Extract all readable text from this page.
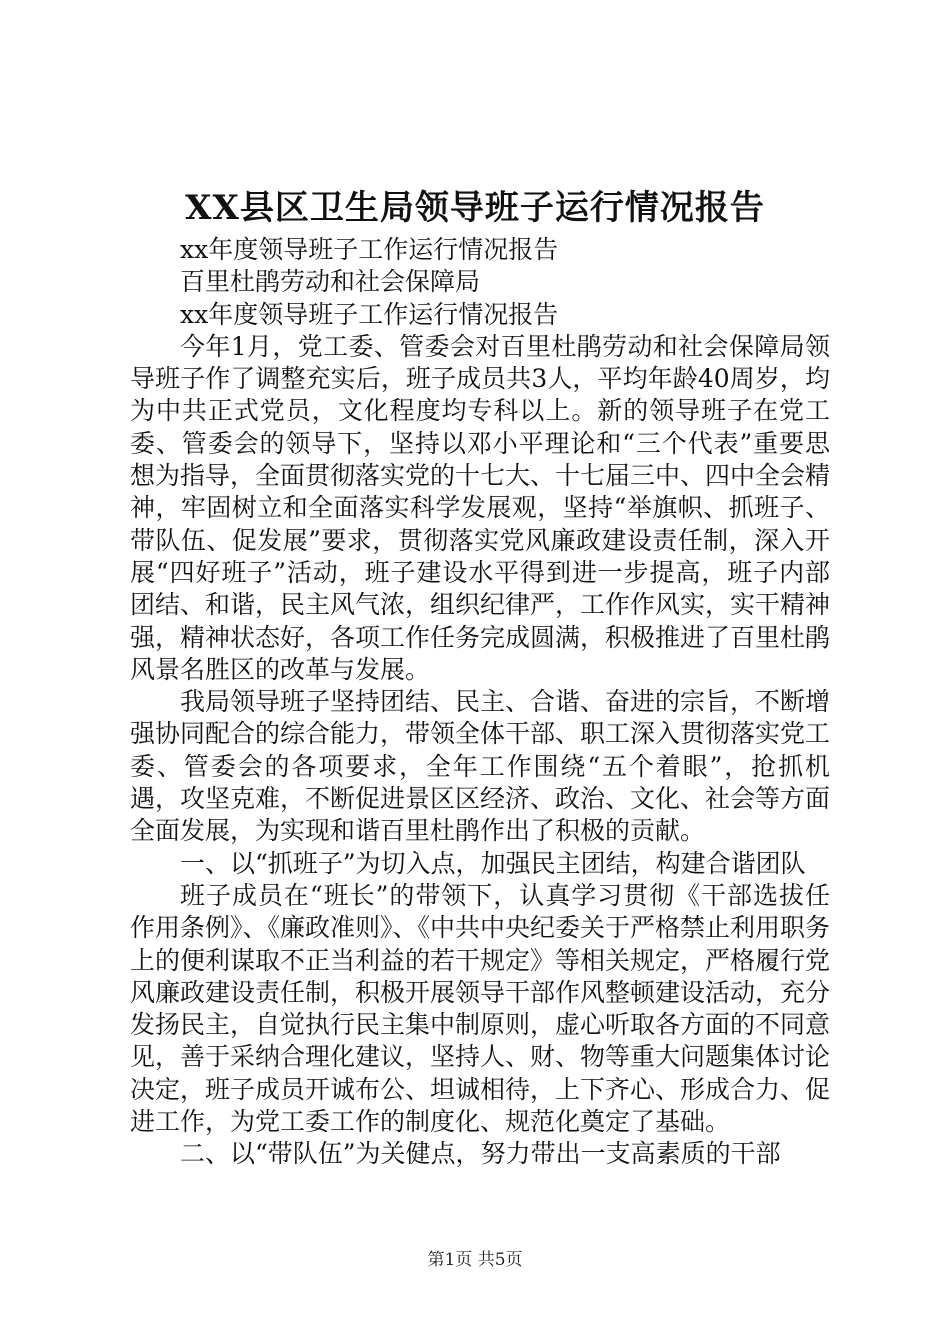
XX县区卫生局领导班子运行情况报告

xx年度领导班子工作运行情况报告

百里杜鹃劳动和社会保障局

xx年度领导班子工作运行情况报告

今年1月，党工委、管委会对百里杜鹃劳动和社会保障局领导班子作了调整充实后，班子成员共3人，平均年龄40周岁，均为中共正式党员，文化程度均专科以上。新的领导班子在党工委、管委会的领导下，坚持以邓小平理论和“三个代表”重要思想为指导，全面贯彻落实党的十七大、十七届三中、四中全会精神，牢固树立和全面落实科学发展观，坚持“举旗帜、抓班子、带队伍、促发展”要求，贯彻落实党风廉政建设责任制，深入开展“四好班子”活动，班子建设水平得到进一步提高，班子内部团结、和谐，民主风气浓，组织纪律严，工作作风实，实干精神强，精神状态好，各项工作任务完成圆满，积极推进了百里杜鹃风景名胜区的改革与发展。

我局领导班子坚持团结、民主、合谐、奋进的宗旨，不断增强协同配合的综合能力，带领全体干部、职工深入贯彻落实党工委、管委会的各项要求，全年工作围绕“五个着眼”，抢抓机遇，攻坚克难，不断促进景区区经济、政治、文化、社会等方面全面发展，为实现和谐百里杜鹃作出了积极的贡献。

一、以“抓班子”为切入点，加强民主团结，构建合谐团队

班子成员在“班长”的带领下，认真学习贯彻《干部选拔任作用条例》、《廉政准则》、《中共中央纪委关于严格禁止利用职务上的便利谋取不正当利益的若干规定》等相关规定，严格履行党风廉政建设责任制，积极开展领导干部作风整顿建设活动，充分发扬民主，自觉执行民主集中制原则，虚心听取各方面的不同意见，善于采纳合理化建议，坚持人、财、物等重大问题集体讨论决定，班子成员开诚布公、坦诚相待，上下齐心、形成合力、促进工作，为党工委工作的制度化、规范化奠定了基础。

二、以“带队伍”为关健点，努力带出一支高素质的干部

第1页 共5页
